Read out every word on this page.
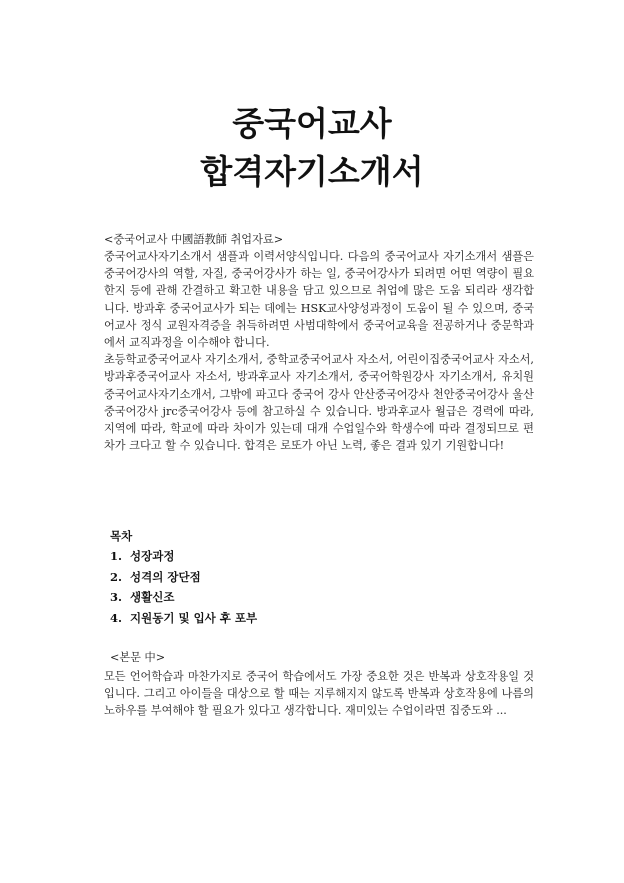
중국어교사
합격자기소개서
<중국어교사 中國語教師 취업자료>

중국어교사자기소개서 샘플과 이력서양식입니다. 다음의 중국어교사 자기소개서 샘플은 중국어강사의 역할, 자질, 중국어강사가 하는 일, 중국어강사가 되려면 어떤 역량이 필요한지 등에 관해 간결하고 확고한 내용을 담고 있으므로 취업에 많은 도움 되리라 생각합니다. 방과후 중국어교사가 되는 데에는 HSK교사양성과정이 도움이 될 수 있으며, 중국어교사 정식 교원자격증을 취득하려면 사범대학에서 중국어교육을 전공하거나 중문학과에서 교직과정을 이수해야 합니다.

초등학교중국어교사 자기소개서, 중학교중국어교사 자소서, 어린이집중국어교사 자소서, 방과후중국어교사 자소서, 방과후교사 자기소개서, 중국어학원강사 자기소개서, 유치원 중국어교사자기소개서, 그밖에 파고다 중국어 강사 안산중국어강사 천안중국어강사 울산중국어강사 jrc중국어강사 등에 참고하실 수 있습니다. 방과후교사 월급은 경력에 따라, 지역에 따라, 학교에 따라 차이가 있는데 대개 수업일수와 학생수에 따라 결정되므로 편차가 크다고 할 수 있습니다. 합격은 로또가 아닌 노력, 좋은 결과 있기 기원합니다!

목차
1. 성장과정
2. 성격의 장단점
3. 생활신조
4. 지원동기 및 입사 후 포부
<본문 中>

모든 언어학습과 마찬가지로 중국어 학습에서도 가장 중요한 것은 반복과 상호작용일 것입니다. 그리고 아이들을 대상으로 할 때는 지루해지지 않도록 반복과 상호작용에 나름의 노하우를 부여해야 할 필요가 있다고 생각합니다. 재미있는 수업이라면 집중도와 ...
